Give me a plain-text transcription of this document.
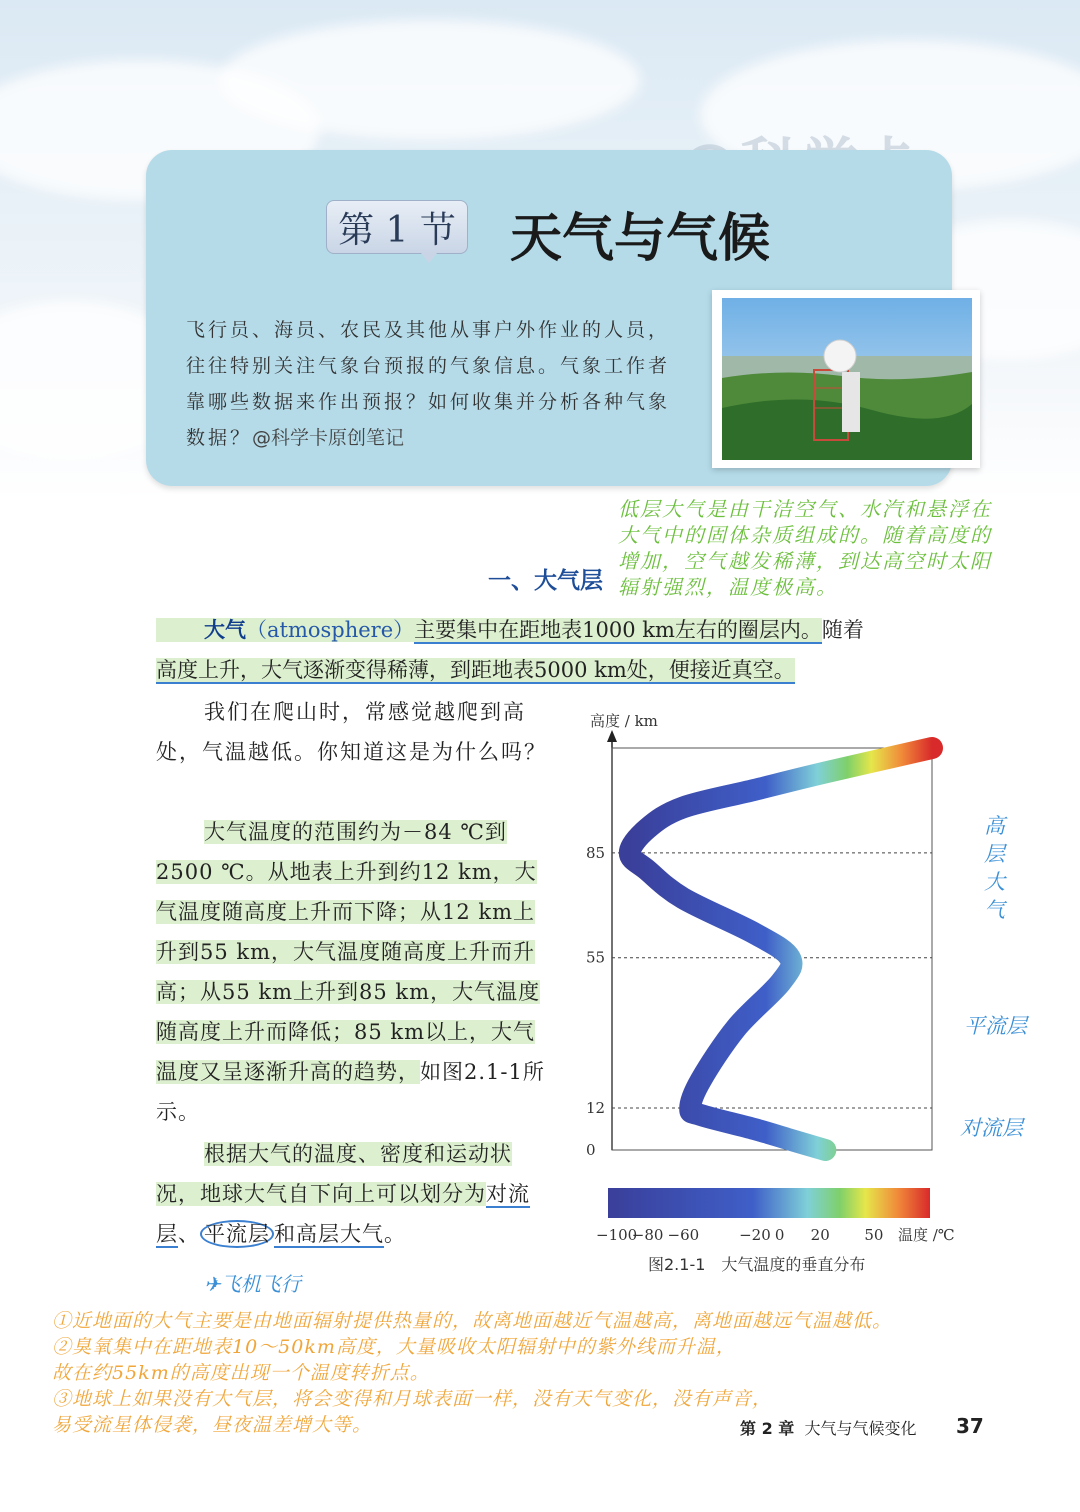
第 1 节 天气与气候
飞行员、海员、农民及其他从事户外作业的人员，往往特别关注气象台预报的气象信息。气象工作者靠哪些数据来作出预报？如何收集并分析各种气象数据？@科学卡原创笔记
低层大气是由干洁空气、水汽和悬浮在大气中的固体杂质组成的。随着高度的增加，空气越发稀薄，到达高空时太阳辐射强烈，温度极高。
一、大气层
大气（atmosphere）主要集中在距地表1000 km左右的圈层内。随着
高度上升，大气逐渐变得稀薄，到距地表5000 km处，便接近真空。
我们在爬山时，常感觉越爬到高处，气温越低。你知道这是为什么吗？
大气温度的范围约为－84 ℃到2500 ℃。从地表上升到约12 km，大气温度随高度上升而下降；从12 km上升到55 km，大气温度随高度上升而升高；从55 km上升到85 km，大气温度随高度上升而降低；85 km以上，大气温度又呈逐渐升高的趋势，如图2.1-1所示。
根据大气的温度、密度和运动状况，地球大气自下向上可以划分为对流层、 平流层 和高层大气。
高度 / km
85
55
12
0
−100
−80 −60	−20 0 20 50 温度 /℃
图2.1-1　大气温度的垂直分布
高层大气
平流层
对流层
✈飞机飞行
①近地面的大气主要是由地面辐射提供热量的，故离地面越近气温越高，离地面越远气温越低。
②臭氧集中在距地表10～50km高度，大量吸收太阳辐射中的紫外线而升温，
故在约55km的高度出现一个温度转折点。
③地球上如果没有大气层，将会变得和月球表面一样，没有天气变化，没有声音，
易受流星体侵袭，昼夜温差增大等。	第 2 章 大气与气候变化 37
